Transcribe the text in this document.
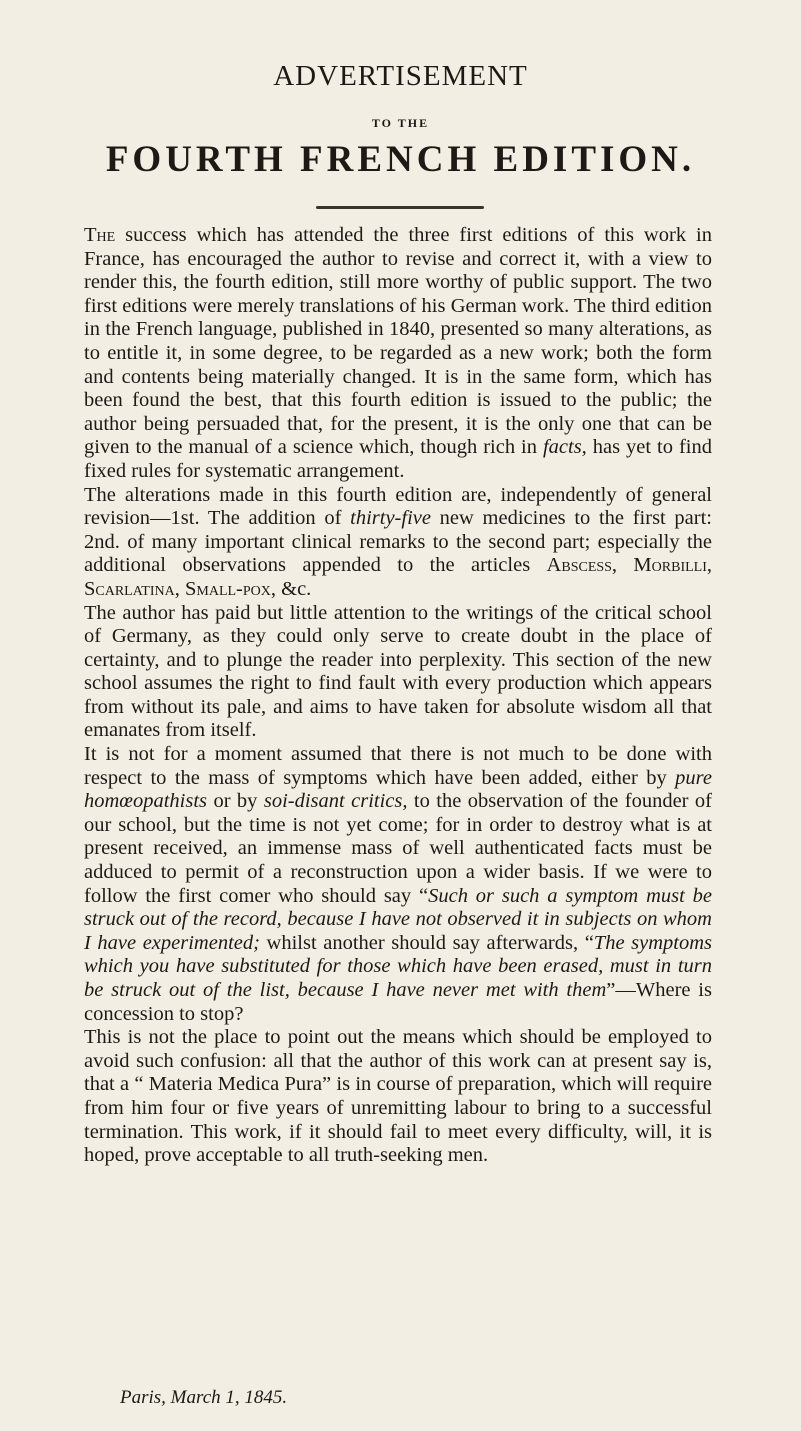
ADVERTISEMENT
TO THE
FOURTH FRENCH EDITION.

The success which has attended the three first editions of this work in France, has encouraged the author to revise and correct it, with a view to render this, the fourth edition, still more worthy of public support. The two first editions were merely translations of his German work. The third edition in the French language, published in 1840, presented so many alterations, as to entitle it, in some degree, to be regarded as a new work; both the form and contents being materially changed. It is in the same form, which has been found the best, that this fourth edition is issued to the public; the author being persuaded that, for the present, it is the only one that can be given to the manual of a science which, though rich in facts, has yet to find fixed rules for systematic arrangement.

The alterations made in this fourth edition are, independently of general revision—1st. The addition of thirty-five new medicines to the first part: 2nd. of many important clinical remarks to the second part; especially the additional observations appended to the articles Abscess, Morbilli, Scarlatina, Small-pox, &c.

The author has paid but little attention to the writings of the critical school of Germany, as they could only serve to create doubt in the place of certainty, and to plunge the reader into perplexity. This section of the new school assumes the right to find fault with every production which appears from without its pale, and aims to have taken for absolute wisdom all that emanates from itself.

It is not for a moment assumed that there is not much to be done with respect to the mass of symptoms which have been added, either by pure homœopathists or by soi-disant critics, to the observation of the founder of our school, but the time is not yet come; for in order to destroy what is at present received, an immense mass of well authenticated facts must be adduced to permit of a reconstruction upon a wider basis. If we were to follow the first comer who should say “Such or such a symptom must be struck out of the record, because I have not observed it in subjects on whom I have experimented; whilst another should say afterwards, “The symptoms which you have substituted for those which have been erased, must in turn be struck out of the list, because I have never met with them”—Where is concession to stop?

This is not the place to point out the means which should be employed to avoid such confusion: all that the author of this work can at present say is, that a “ Materia Medica Pura” is in course of preparation, which will require from him four or five years of unremitting labour to bring to a successful termination. This work, if it should fail to meet every difficulty, will, it is hoped, prove acceptable to all truth-seeking men.

Paris, March 1, 1845.
